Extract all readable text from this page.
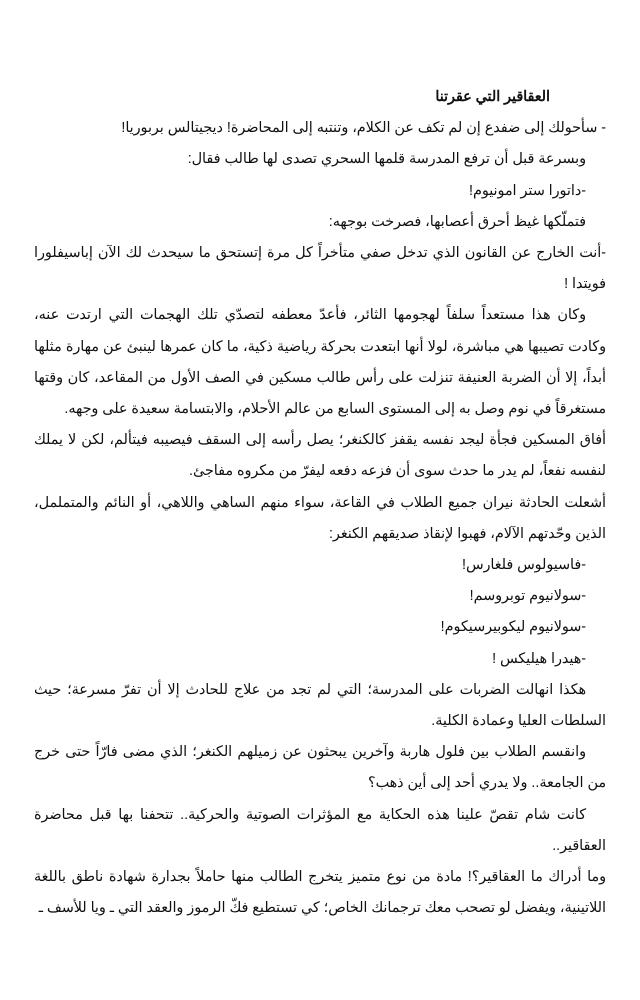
العقاقير التي عقرتنا

- سأحولك إلى ضفدع إن لم تكف عن الكلام، وتنتبه إلى المحاضرة! ديجيتالس بربوريا!

وبسرعة قبل أن ترفع المدرسة قلمها السحري تصدى لها طالب فقال:

-داتورا ستر امونيوم!

فتملّكها غيظ أحرق أعصابها، فصرخت بوجهه:

-أنت الخارج عن القانون الذي تدخل صفي متأخراً كل مرة إتستحق ما سيحدث لك الآن إباسيفلورا فويتدا !

وكان هذا مستعداً سلفاً لهجومها الثائر، فأعدّ معطفه لتصدّي تلك الهجمات التي ارتدت عنه، وكادت تصيبها هي مباشرة، لولا أنها ابتعدت بحركة رياضية ذكية، ما كان عمرها لينبئ عن مهارة مثلها أبداً، إلا أن الضربة العنيفة تنزلت على رأس طالب مسكين في الصف الأول من المقاعد، كان وقتها مستغرقاً في نوم وصل به إلى المستوى السابع من عالم الأحلام، والابتسامة سعيدة على وجهه.

أفاق المسكين فجأة ليجد نفسه يقفز كالكنغر؛ يصل رأسه إلى السقف فيصيبه فيتألم، لكن لا يملك لنفسه نفعاً، لم يدر ما حدث سوى أن فزعه دفعه ليفرّ من مكروه مفاجئ.

أشعلت الحادثة نيران جميع الطلاب في القاعة، سواء منهم الساهي واللاهي، أو النائم والمتململ، الذين وحّدتهم الآلام، فهبوا لإنقاذ صديقهم الكنغر:

-فاسيولوس فلغارس!

-سولانيوم توبروسم!

-سولانيوم ليكوبيرسيكوم!

-هيدرا هيليكس !

هكذا انهالت الضربات على المدرسة؛ التي لم تجد من علاج للحادث إلا أن تفرّ مسرعة؛ حيث السلطات العليا وعمادة الكلية.

وانقسم الطلاب بين فلول هاربة وآخرين يبحثون عن زميلهم الكنغر؛ الذي مضى فارّاً حتى خرج من الجامعة.. ولا يدري أحد إلى أين ذهب؟

كانت شام تقصّ علينا هذه الحكاية مع المؤثرات الصوتية والحركية.. تتحفنا بها قبل محاضرة العقاقير..

وما أدراك ما العقاقير؟! مادة من نوع متميز يتخرج الطالب منها حاملاً بجدارة شهادة ناطق باللغة اللاتينية، ويفضل لو تصحب معك ترجمانك الخاص؛ كي تستطيع فكّ الرموز والعقد التي ـ ويا للأسف ـ
